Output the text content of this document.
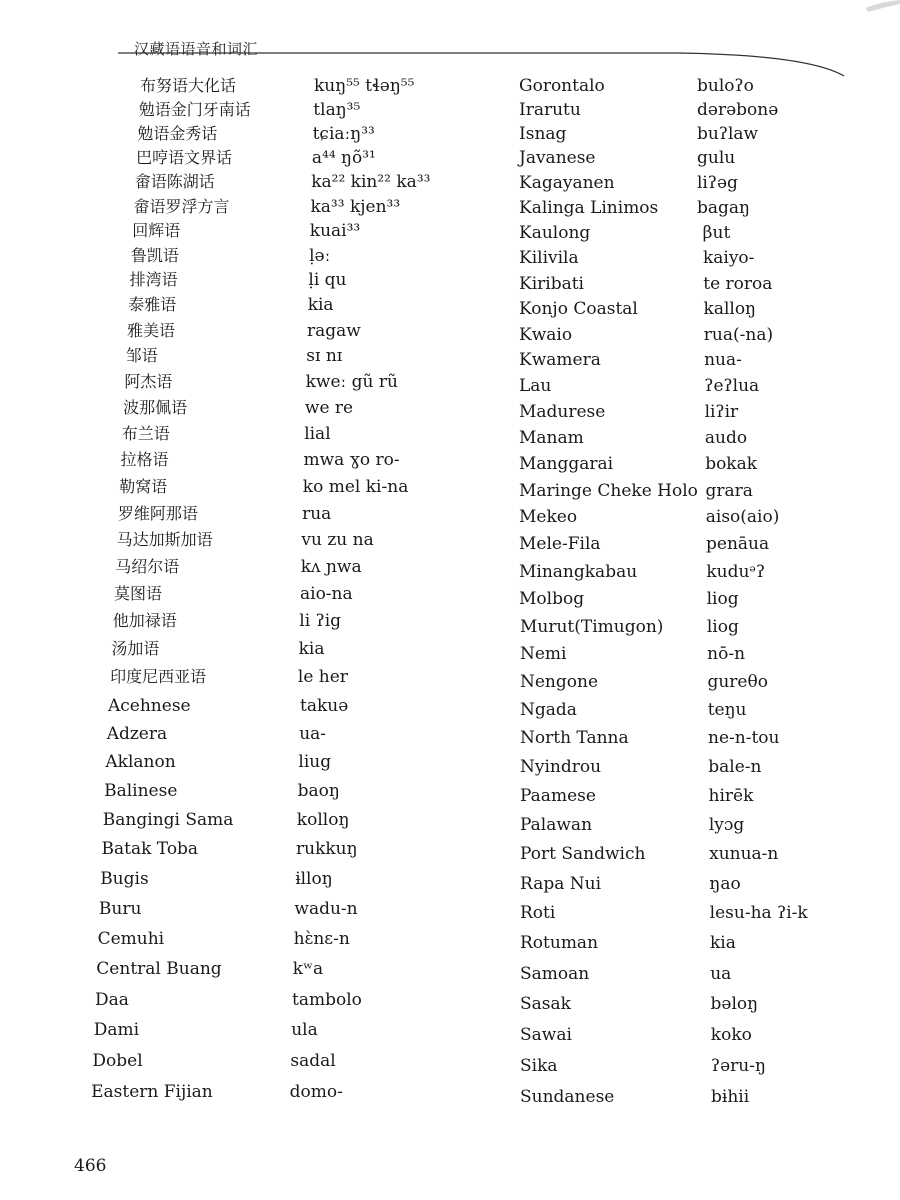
汉藏语语音和词汇
布努语大化话
勉语金门牙南话
勉语金秀话
巴哼语文界话
畲语陈湖话
畲语罗浮方言
回辉语
鲁凯语
排湾语
泰雅语
雅美语
邹语
阿杰语
波那佩语
布兰语
拉格语
勒窝语
罗维阿那语
马达加斯加语
马绍尔语
莫图语
他加禄语
汤加语
印度尼西亚语
Acehnese
Adzera
Aklanon
Balinese
Bangingi Sama
Batak Toba
Bugis
Buru
Cemuhi
Central Buang
Daa
Dami
Dobel
Eastern Fijian
kuŋ⁵⁵ tɬəŋ⁵⁵
tlaŋ³⁵
tɕiaːŋ³³
a⁴⁴ ŋõ³¹
ka²² kin²² ka³³
ka³³ kjen³³
kuai³³
ḷəː
ḷi qu
kia
ragaw
sɪ nɪ
kweː gũ rũ
we re
lial
mwa ɣo ro-
ko mel ki-na
rua
vu zu na
kʌ ɲwa
aio-na
li ʔig
kia
le her
takuə
ua-
liug
baoŋ
kolloŋ
rukkuŋ
ɨlloŋ
wadu-n
hɛ̀nɛ-n
kʷa
tambolo
ula
sadal
domo-
Gorontalo
Irarutu
Isnag
Javanese
Kagayanen
Kalinga Linimos
Kaulong
Kilivila
Kiribati
Konjo Coastal
Kwaio
Kwamera
Lau
Madurese
Manam
Manggarai
Maringe Cheke Holo
Mekeo
Mele-Fila
Minangkabau
Molbog
Murut(Timugon)
Nemi
Nengone
Ngada
North Tanna
Nyindrou
Paamese
Palawan
Port Sandwich
Rapa Nui
Roti
Rotuman
Samoan
Sasak
Sawai
Sika
Sundanese
buloʔo
dərəbonə
buʔlaw
gulu
liʔəg
bagaŋ
βut
kaiyo-
te roroa
kalloŋ
rua(-na)
nua-
ʔeʔlua
liʔir
audo
bokak
grara
aiso(aio)
penāua
kuduᵊʔ
liog
liog
nō-n
gureθo
teŋu
ne-n-tou
bale-n
hirēk
lyɔg
xunua-n
ŋao
lesu-ha ʔi-k
kia
ua
bəloŋ
koko
ʔəru-ŋ
bɨhii
466
